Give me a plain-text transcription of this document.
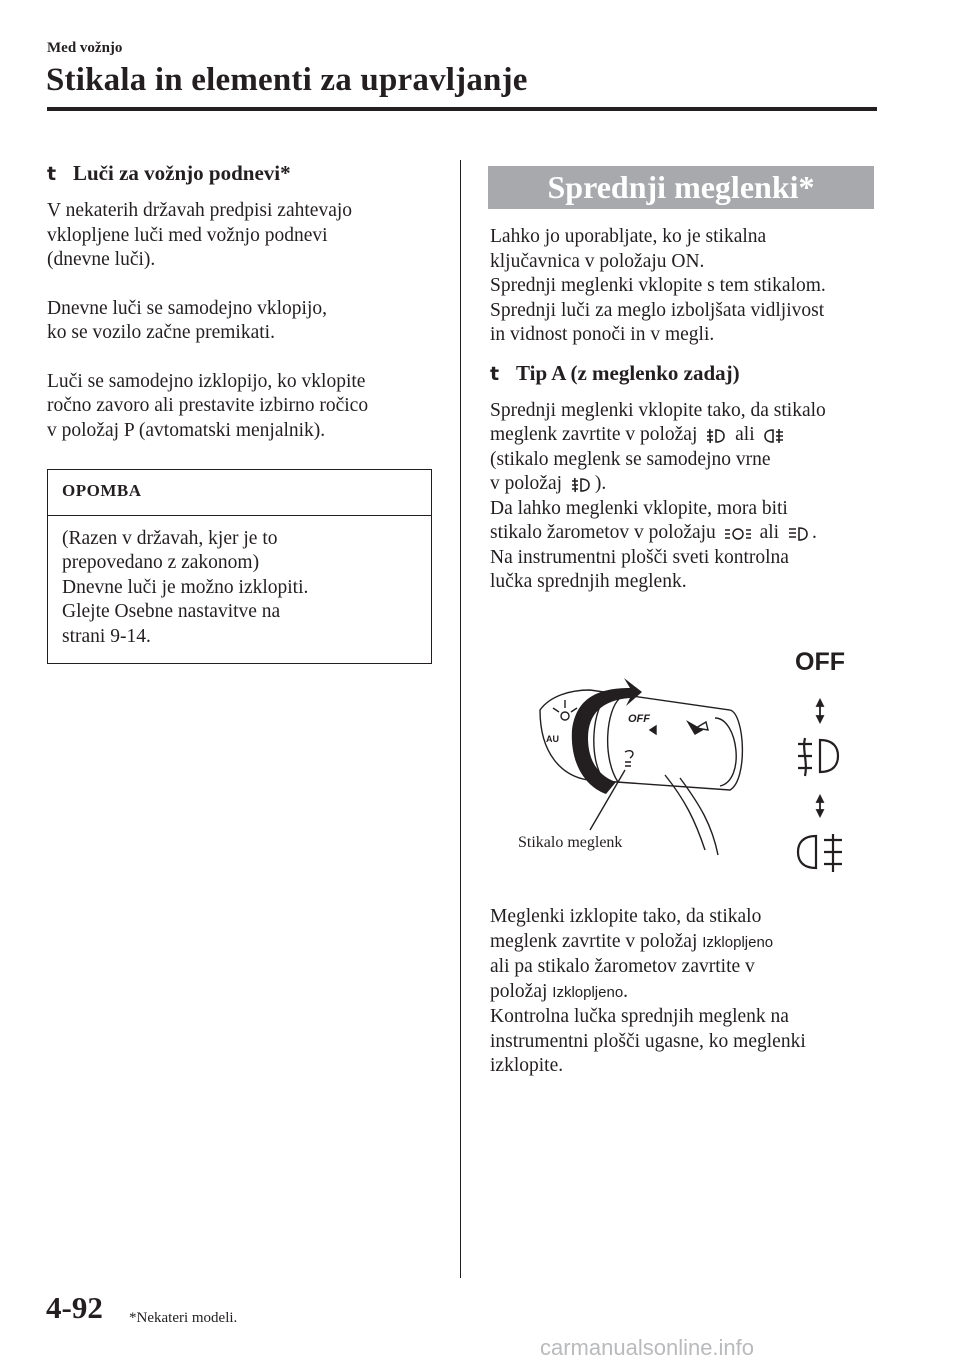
Med vožnjo
Stikala in elementi za upravljanje

t Luči za vožnjo podnevi*

V nekaterih državah predpisi zahtevajo
vklopljene luči med vožnjo podnevi
(dnevne luči).

Dnevne luči se samodejno vklopijo,
ko se vozilo začne premikati.

Luči se samodejno izklopijo, ko vklopite
ročno zavoro ali prestavite izbirno ročico
v položaj P (avtomatski menjalnik).

OPOMBA
(Razen v državah, kjer je to
prepovedano z zakonom)
Dnevne luči je možno izklopiti.
Glejte Osebne nastavitve na
strani 9-14.
Sprednji meglenki*

Lahko jo uporabljate, ko je stikalna
ključavnica v položaju ON.
Sprednji meglenki vklopite s tem stikalom.
Sprednji luči za meglo izboljšata vidljivost
in vidnost ponoči in v megli.

t Tip A (z meglenko zadaj)

Sprednji meglenki vklopite tako, da stikalo
meglenk zavrtite v položaj ali

(stikalo meglenk se samodejno vrne
v položaj ).
Da lahko meglenki vklopite, mora biti
stikalo žarometov v položaju ali .
Na instrumentni plošči sveti kontrolna
lučka sprednjih meglenk.

OFF
AU
OFF
Stikalo meglenk

Meglenki izklopite tako, da stikalo
meglenk zavrtite v položaj Izklopljeno
ali pa stikalo žarometov zavrtite v
položaj Izklopljeno.
Kontrolna lučka sprednjih meglenk na
instrumentni plošči ugasne, ko meglenki
izklopite.

4-92 *Nekateri modeli.
carmanualsonline.info
